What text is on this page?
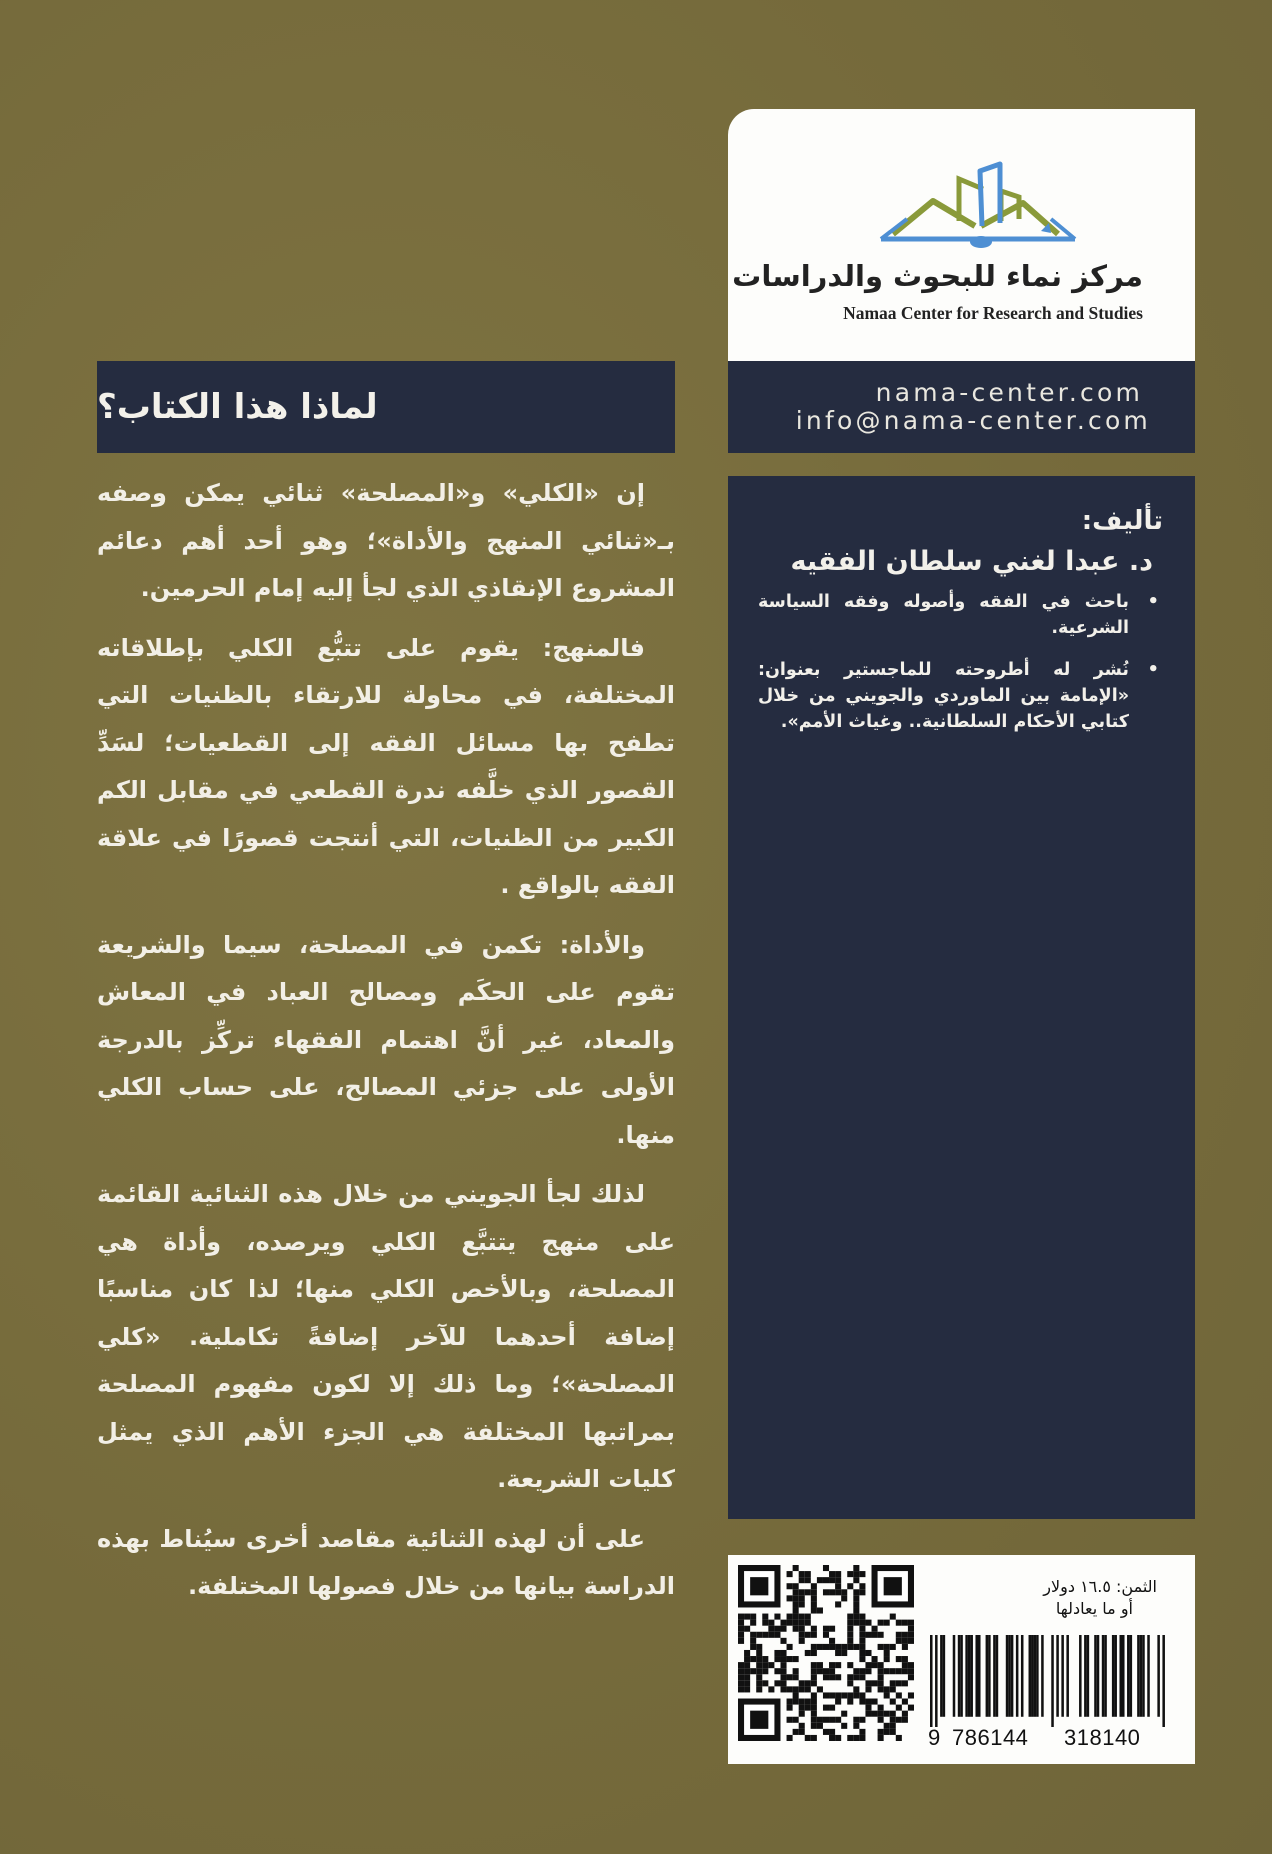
لماذا هذا الكتاب؟

إن «الكلي» و«المصلحة» ثنائي يمكن وصفه بـ«ثنائي المنهج والأداة»؛ وهو أحد أهم دعائم المشروع الإنقاذي الذي لجأ إليه إمام الحرمين.

فالمنهج: يقوم على تتبُّع الكلي بإطلاقاته المختلفة، في محاولة للارتقاء بالظنيات التي تطفح بها مسائل الفقه إلى القطعيات؛ لسَدِّ القصور الذي خلَّفه ندرة القطعي في مقابل الكم الكبير من الظنيات، التي أنتجت قصورًا في علاقة الفقه بالواقع .

والأداة: تكمن في المصلحة، سيما والشريعة تقوم على الحكَم ومصالح العباد في المعاش والمعاد، غير أنَّ اهتمام الفقهاء تركِّز بالدرجة الأولى على جزئي المصالح، على حساب الكلي منها.

لذلك لجأ الجويني من خلال هذه الثنائية القائمة على منهج يتتبَّع الكلي ويرصده، وأداة هي المصلحة، وبالأخص الكلي منها؛ لذا كان مناسبًا إضافة أحدهما للآخر إضافةً تكاملية. «كلي المصلحة»؛ وما ذلك إلا لكون مفهوم المصلحة بمراتبها المختلفة هي الجزء الأهم الذي يمثل كليات الشريعة.

على أن لهذه الثنائية مقاصد أخرى سيُناط بهذه الدراسة بيانها من خلال فصولها المختلفة.

مركز نماء للبحوث والدراسات
Namaa Center for Research and Studies
nama-center.com
info@nama-center.com
تأليف:
د. عبدا لغني سلطان الفقيه
• باحث في الفقه وأصوله وفقه السياسة الشرعية.
• نُشر له أطروحته للماجستير بعنوان: «الإمامة بين الماوردي والجويني من خلال كتابي الأحكام السلطانية.. وغياث الأمم».
الثمن: ١٦.٥ دولار
أو ما يعادلها
9 786144 318140
